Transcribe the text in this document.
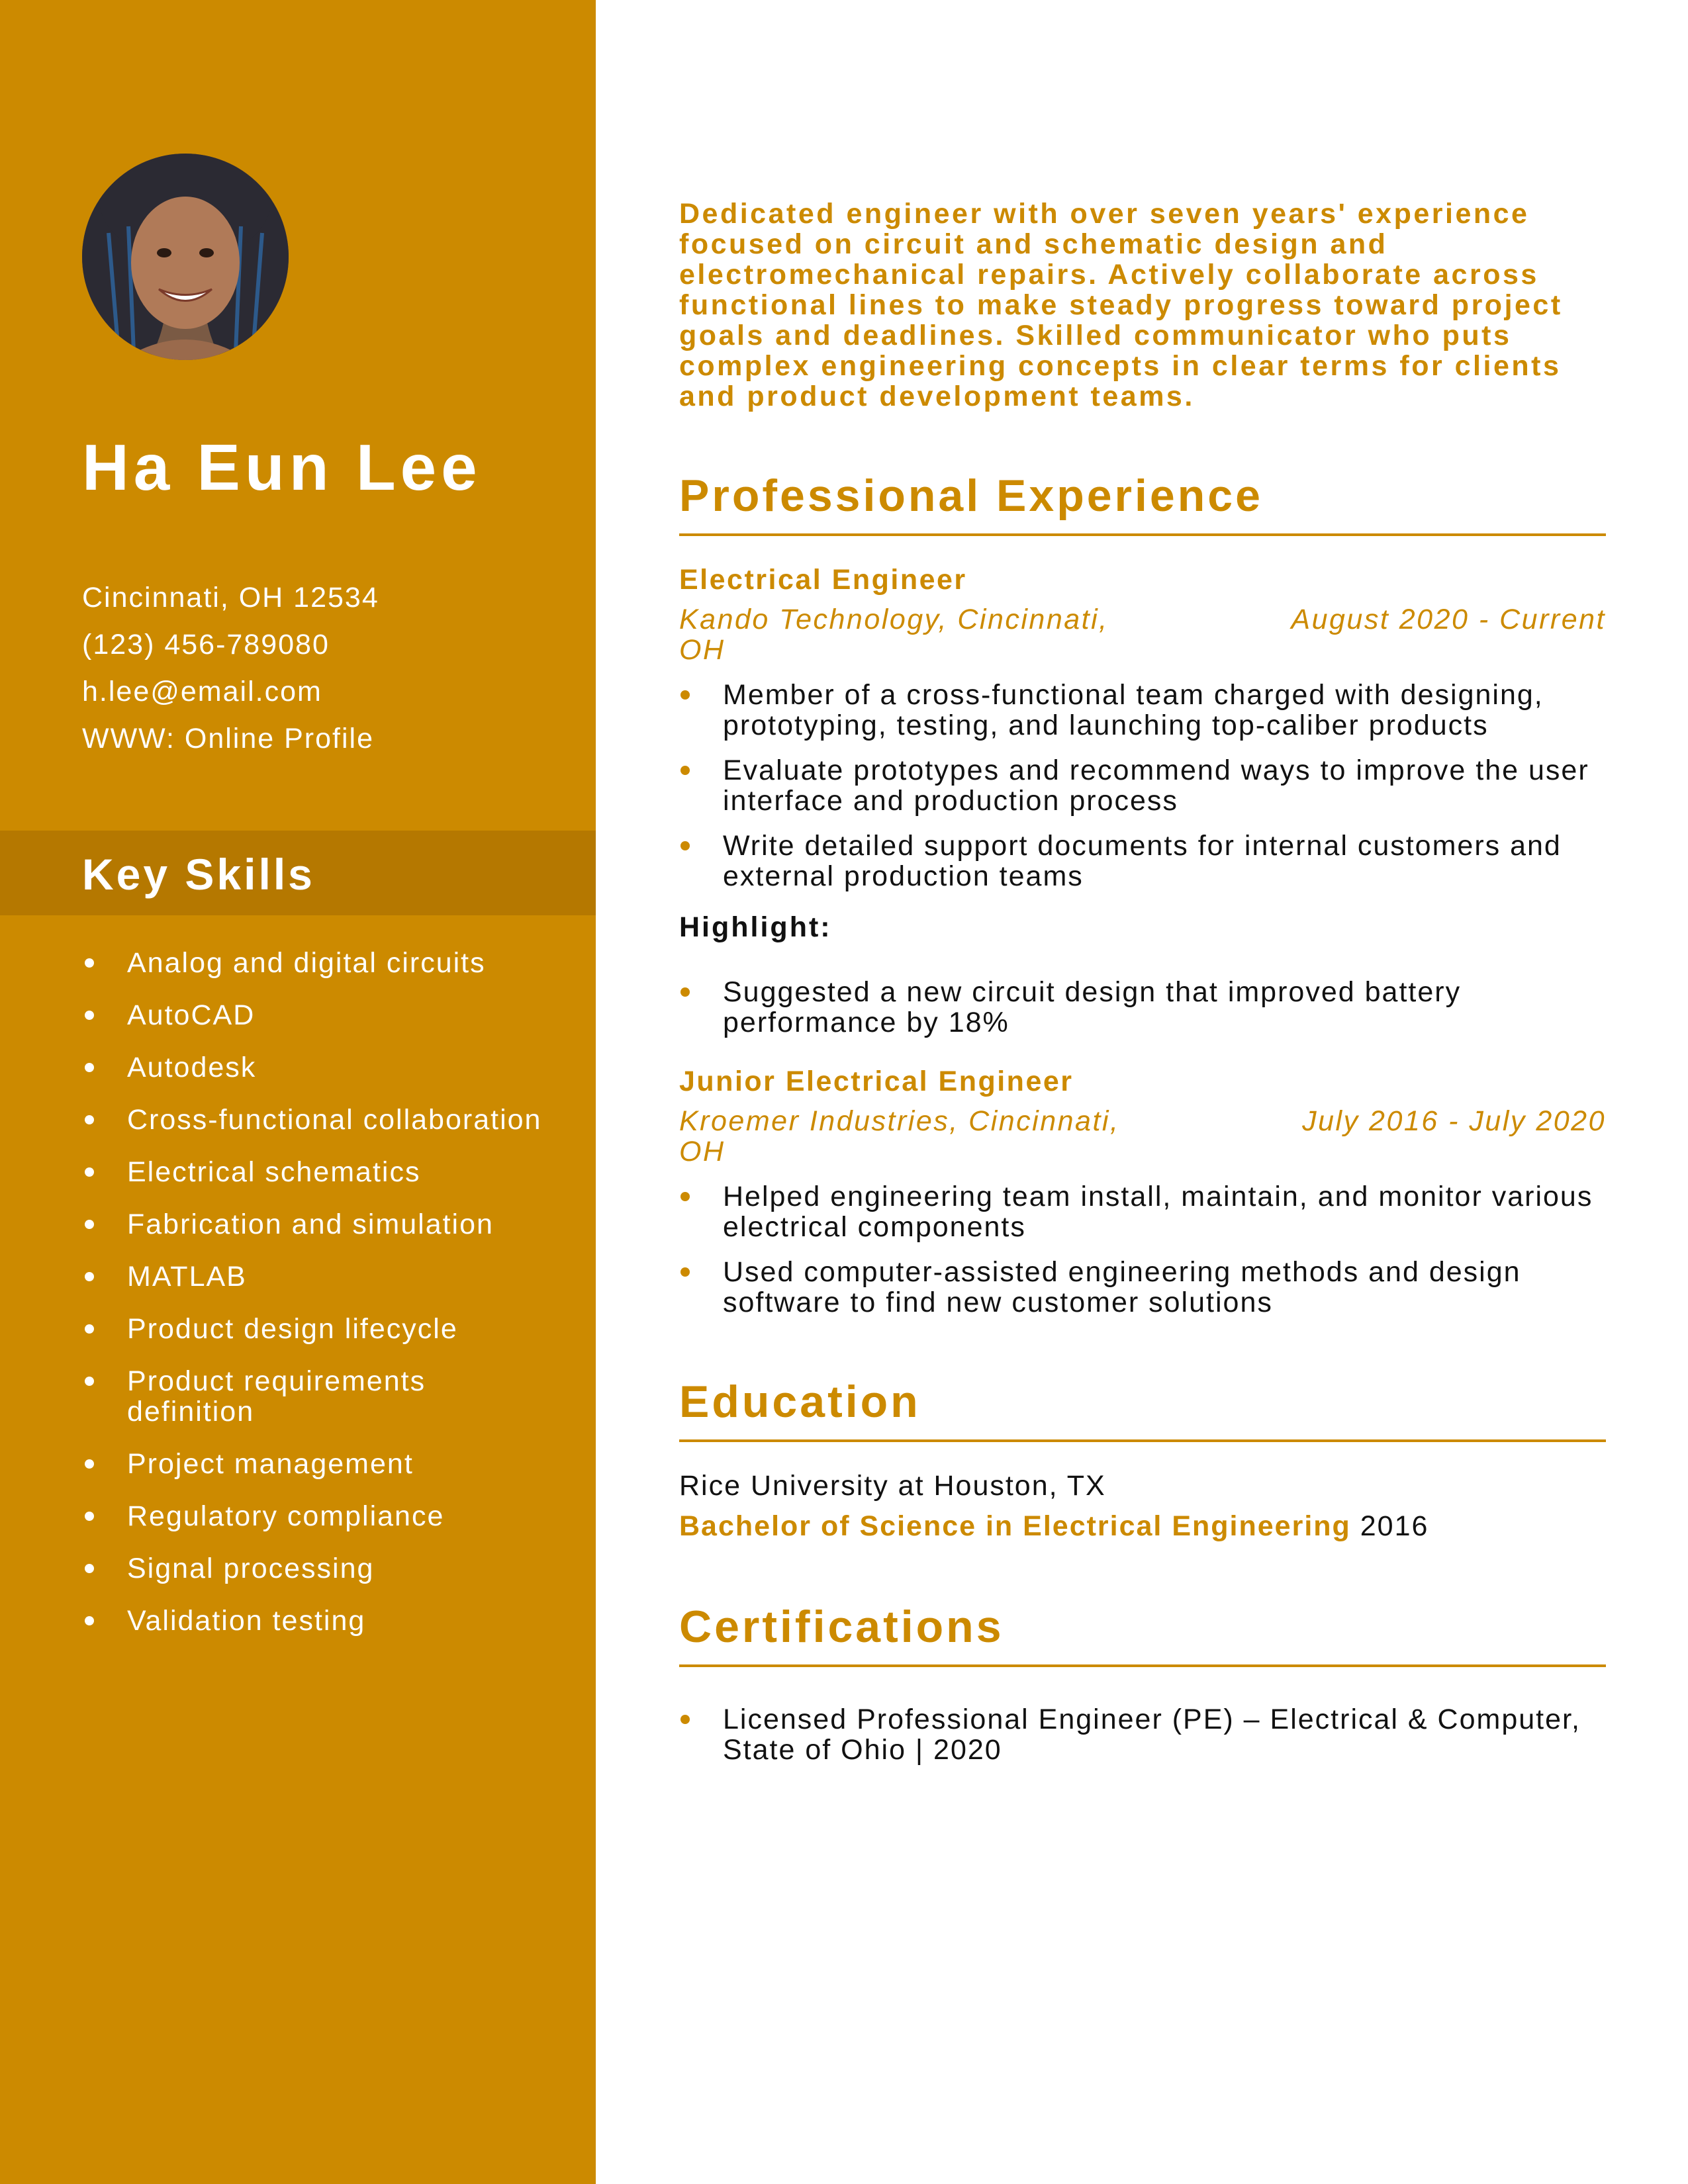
Ha Eun Lee
Cincinnati, OH 12534
(123) 456-789080
h.lee@email.com
WWW: Online Profile
Key Skills
Analog and digital circuits
AutoCAD
Autodesk
Cross-functional collaboration
Electrical schematics
Fabrication and simulation
MATLAB
Product design lifecycle
Product requirements definition
Project management
Regulatory compliance
Signal processing
Validation testing

Dedicated engineer with over seven years' experience focused on circuit and schematic design and electromechanical repairs. Actively collaborate across functional lines to make steady progress toward project goals and deadlines. Skilled communicator who puts complex engineering concepts in clear terms for clients and product development teams.

Professional Experience
Electrical Engineer
Kando Technology, Cincinnati, OH
August 2020 - Current
Member of a cross-functional team charged with designing, prototyping, testing, and launching top-caliber products
Evaluate prototypes and recommend ways to improve the user interface and production process
Write detailed support documents for internal customers and external production teams

Highlight:

Suggested a new circuit design that improved battery performance by 18%
Junior Electrical Engineer
Kroemer Industries, Cincinnati, OH
July 2016 - July 2020
Helped engineering team install, maintain, and monitor various electrical components
Used computer-assisted engineering methods and design software to find new customer solutions
Education

Rice University at Houston, TX

Bachelor of Science in Electrical Engineering 2016

Certifications
Licensed Professional Engineer (PE) – Electrical & Computer, State of Ohio | 2020
